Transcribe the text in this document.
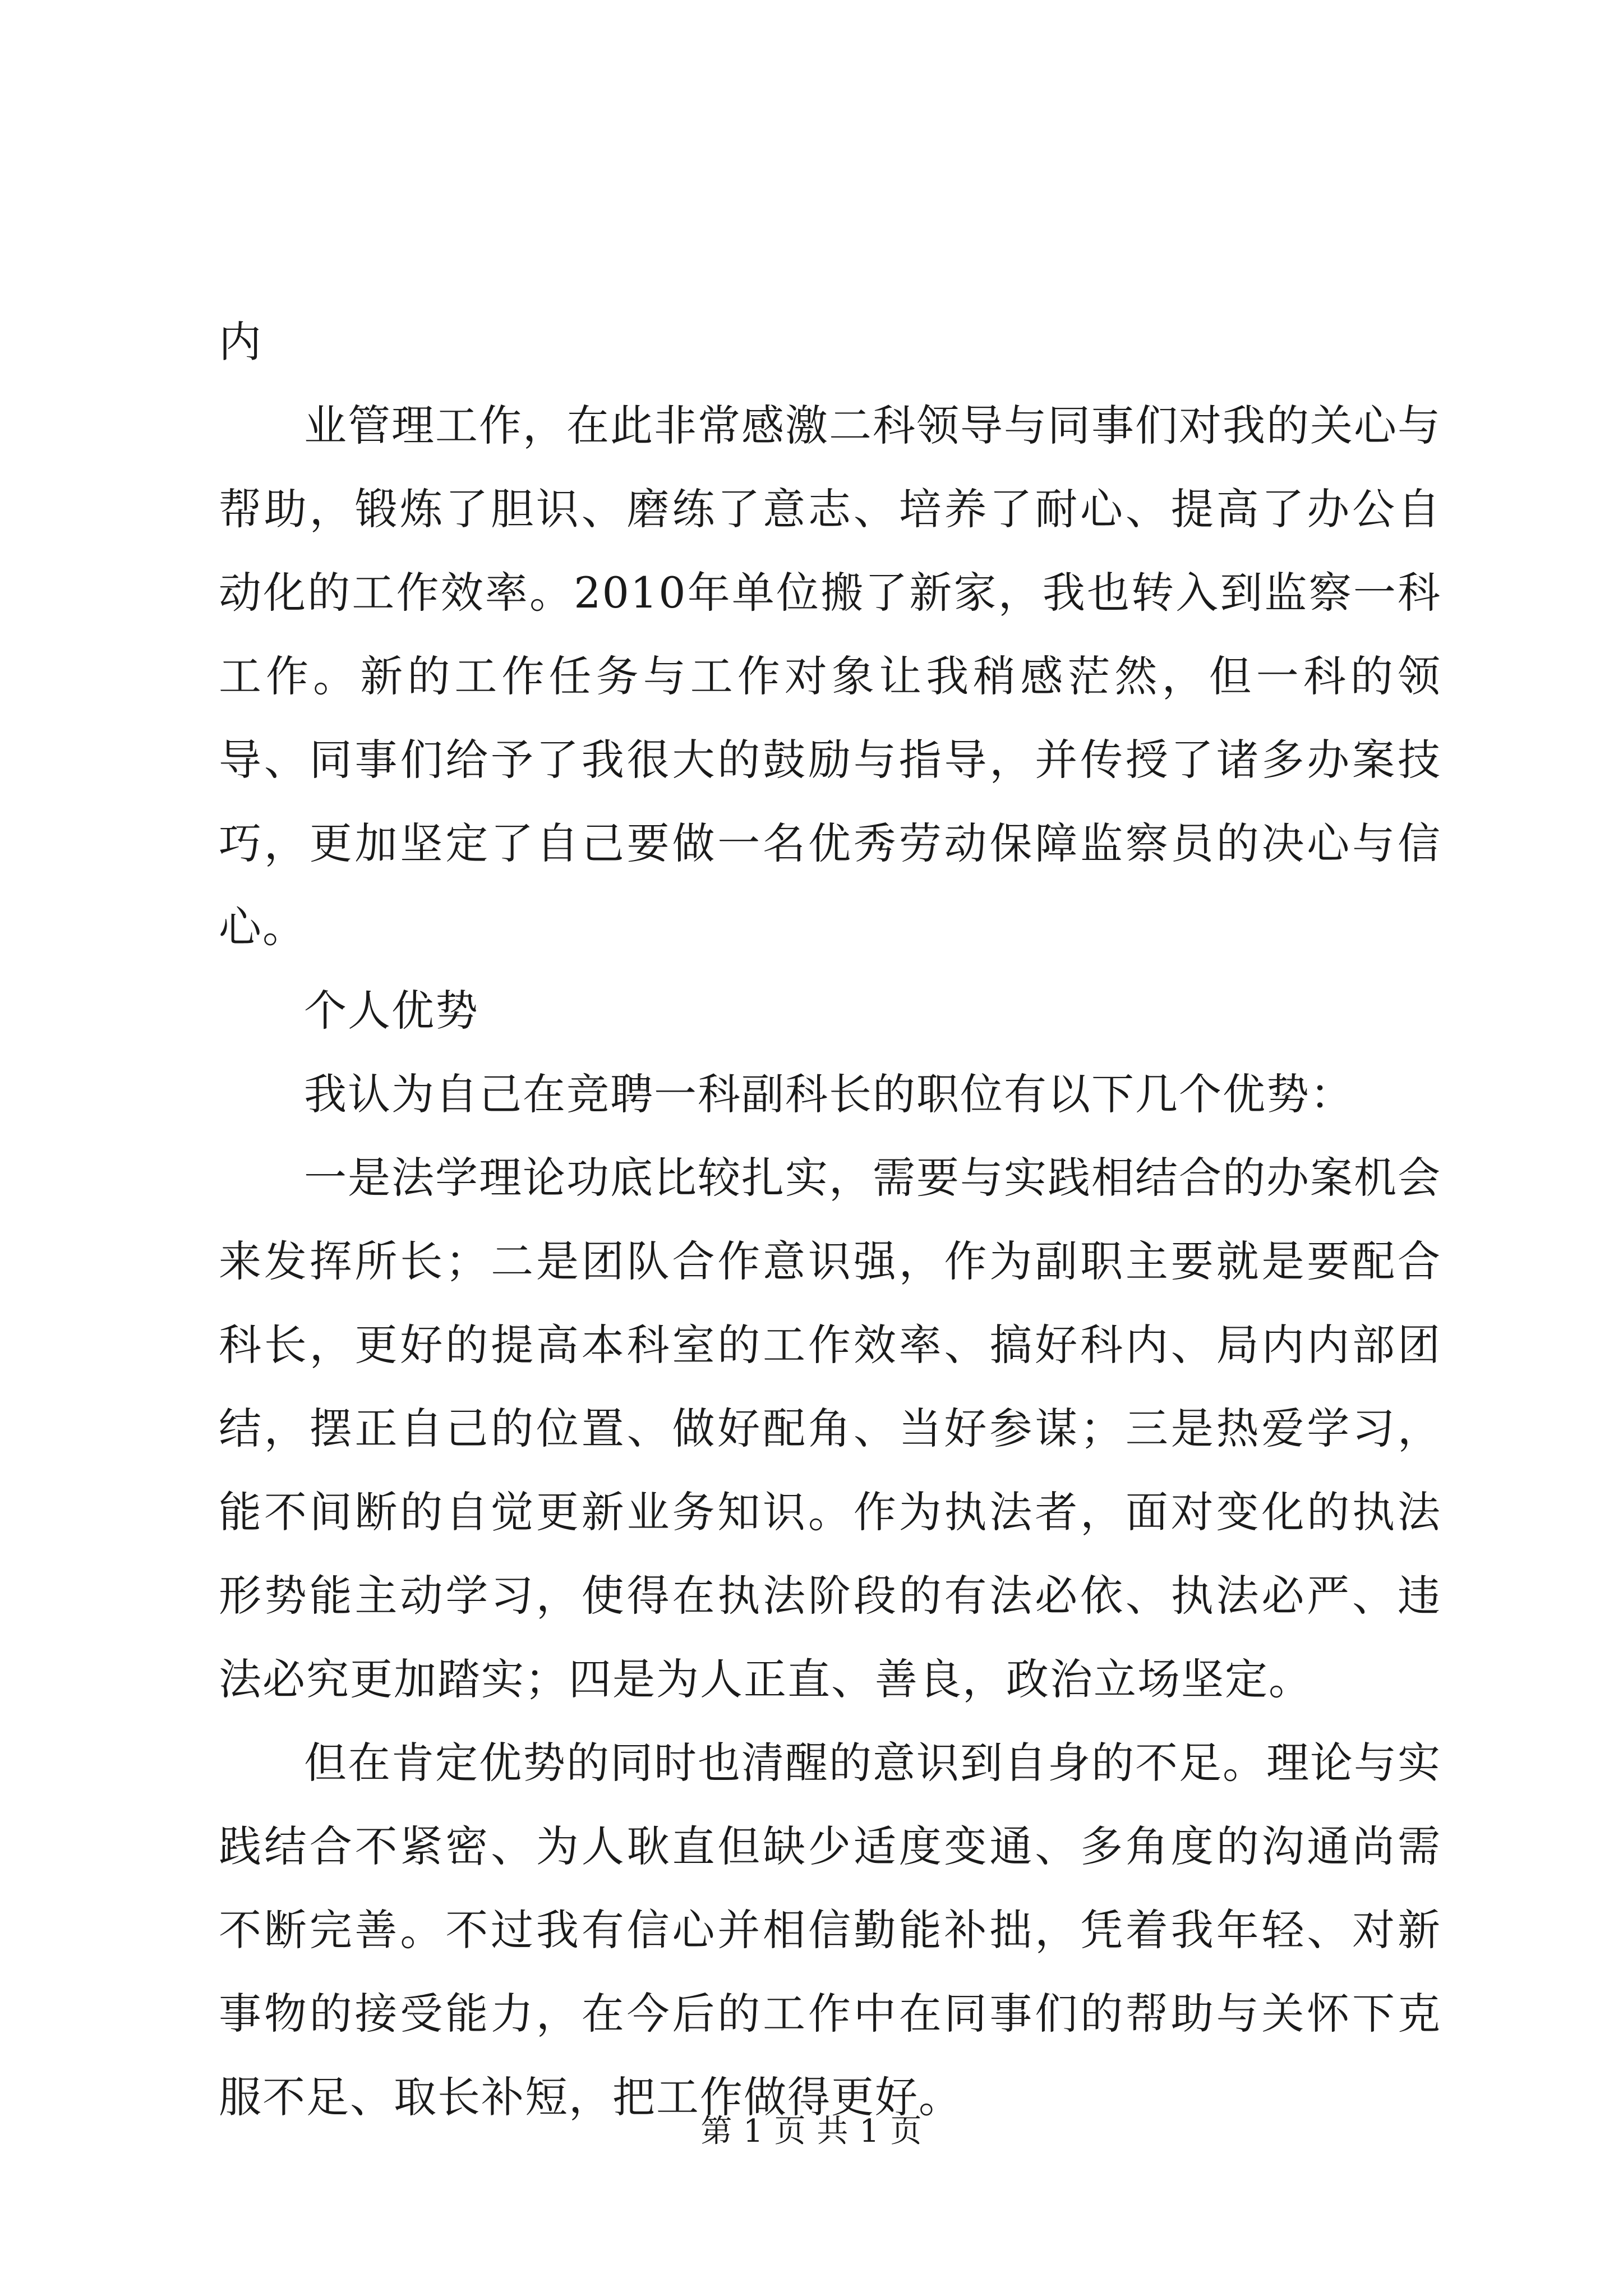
内

业管理工作，在此非常感激二科领导与同事们对我的关心与帮助，锻炼了胆识、磨练了意志、培养了耐心、提高了办公自动化的工作效率。2010年单位搬了新家，我也转入到监察一科工作。新的工作任务与工作对象让我稍感茫然，但一科的领导、同事们给予了我很大的鼓励与指导，并传授了诸多办案技巧，更加坚定了自己要做一名优秀劳动保障监察员的决心与信心。

个人优势

我认为自己在竞聘一科副科长的职位有以下几个优势：

一是法学理论功底比较扎实，需要与实践相结合的办案机会来发挥所长；二是团队合作意识强，作为副职主要就是要配合科长，更好的提高本科室的工作效率、搞好科内、局内内部团结，摆正自己的位置、做好配角、当好参谋；三是热爱学习，能不间断的自觉更新业务知识。作为执法者，面对变化的执法形势能主动学习，使得在执法阶段的有法必依、执法必严、违法必究更加踏实；四是为人正直、善良，政治立场坚定。

但在肯定优势的同时也清醒的意识到自身的不足。理论与实践结合不紧密、为人耿直但缺少适度变通、多角度的沟通尚需不断完善。不过我有信心并相信勤能补拙，凭着我年轻、对新事物的接受能力，在今后的工作中在同事们的帮助与关怀下克服不足、取长补短，把工作做得更好。

第 1 页 共 1 页
